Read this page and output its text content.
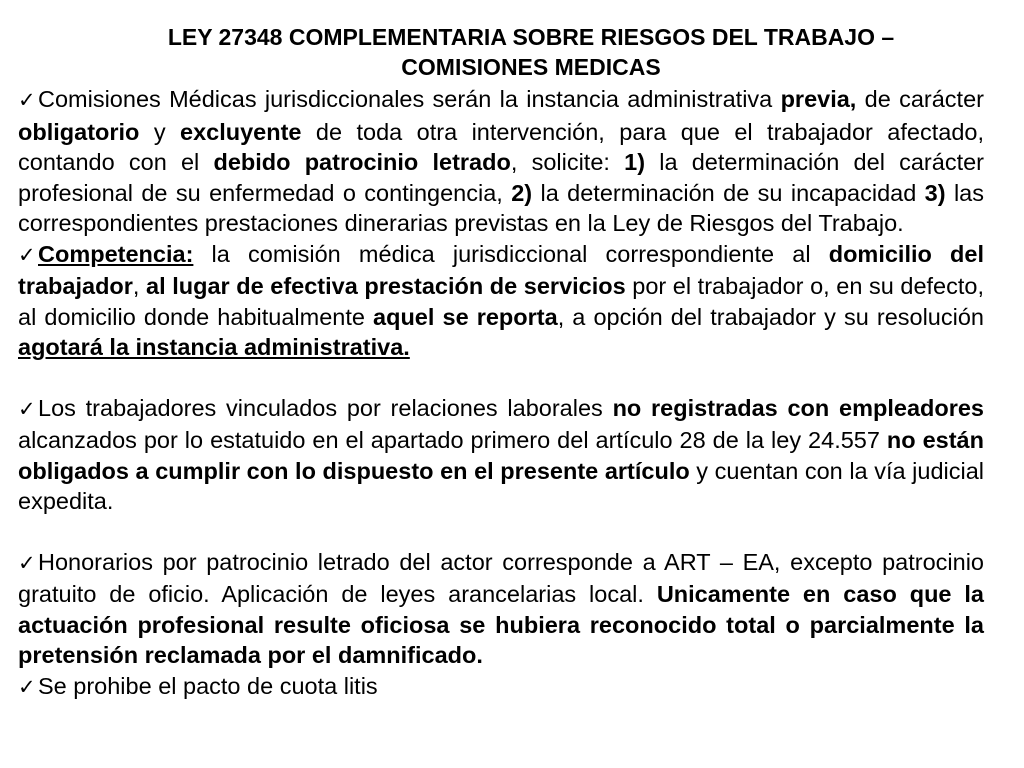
LEY 27348 COMPLEMENTARIA SOBRE RIESGOS DEL TRABAJO –
COMISIONES MEDICAS

✓ Comisiones Médicas jurisdiccionales serán la instancia administrativa previa, de carácter obligatorio y excluyente de toda otra intervención, para que el trabajador afectado, contando con el debido patrocinio letrado, solicite: 1) la determinación del carácter profesional de su enfermedad o contingencia, 2) la determinación de su incapacidad 3) las correspondientes prestaciones dinerarias previstas en la Ley de Riesgos del Trabajo.

✓ Competencia: la comisión médica jurisdiccional correspondiente al domicilio del trabajador, al lugar de efectiva prestación de servicios por el trabajador o, en su defecto, al domicilio donde habitualmente aquel se reporta, a opción del trabajador y su resolución agotará la instancia administrativa.

✓ Los trabajadores vinculados por relaciones laborales no registradas con empleadores alcanzados por lo estatuido en el apartado primero del artículo 28 de la ley 24.557 no están obligados a cumplir con lo dispuesto en el presente artículo y cuentan con la vía judicial expedita.

✓ Honorarios por patrocinio letrado del actor corresponde a ART – EA, excepto patrocinio gratuito de oficio. Aplicación de leyes arancelarias local. Unicamente en caso que la actuación profesional resulte oficiosa se hubiera reconocido total o parcialmente la pretensión reclamada por el damnificado.

✓ Se prohibe el pacto de cuota litis
